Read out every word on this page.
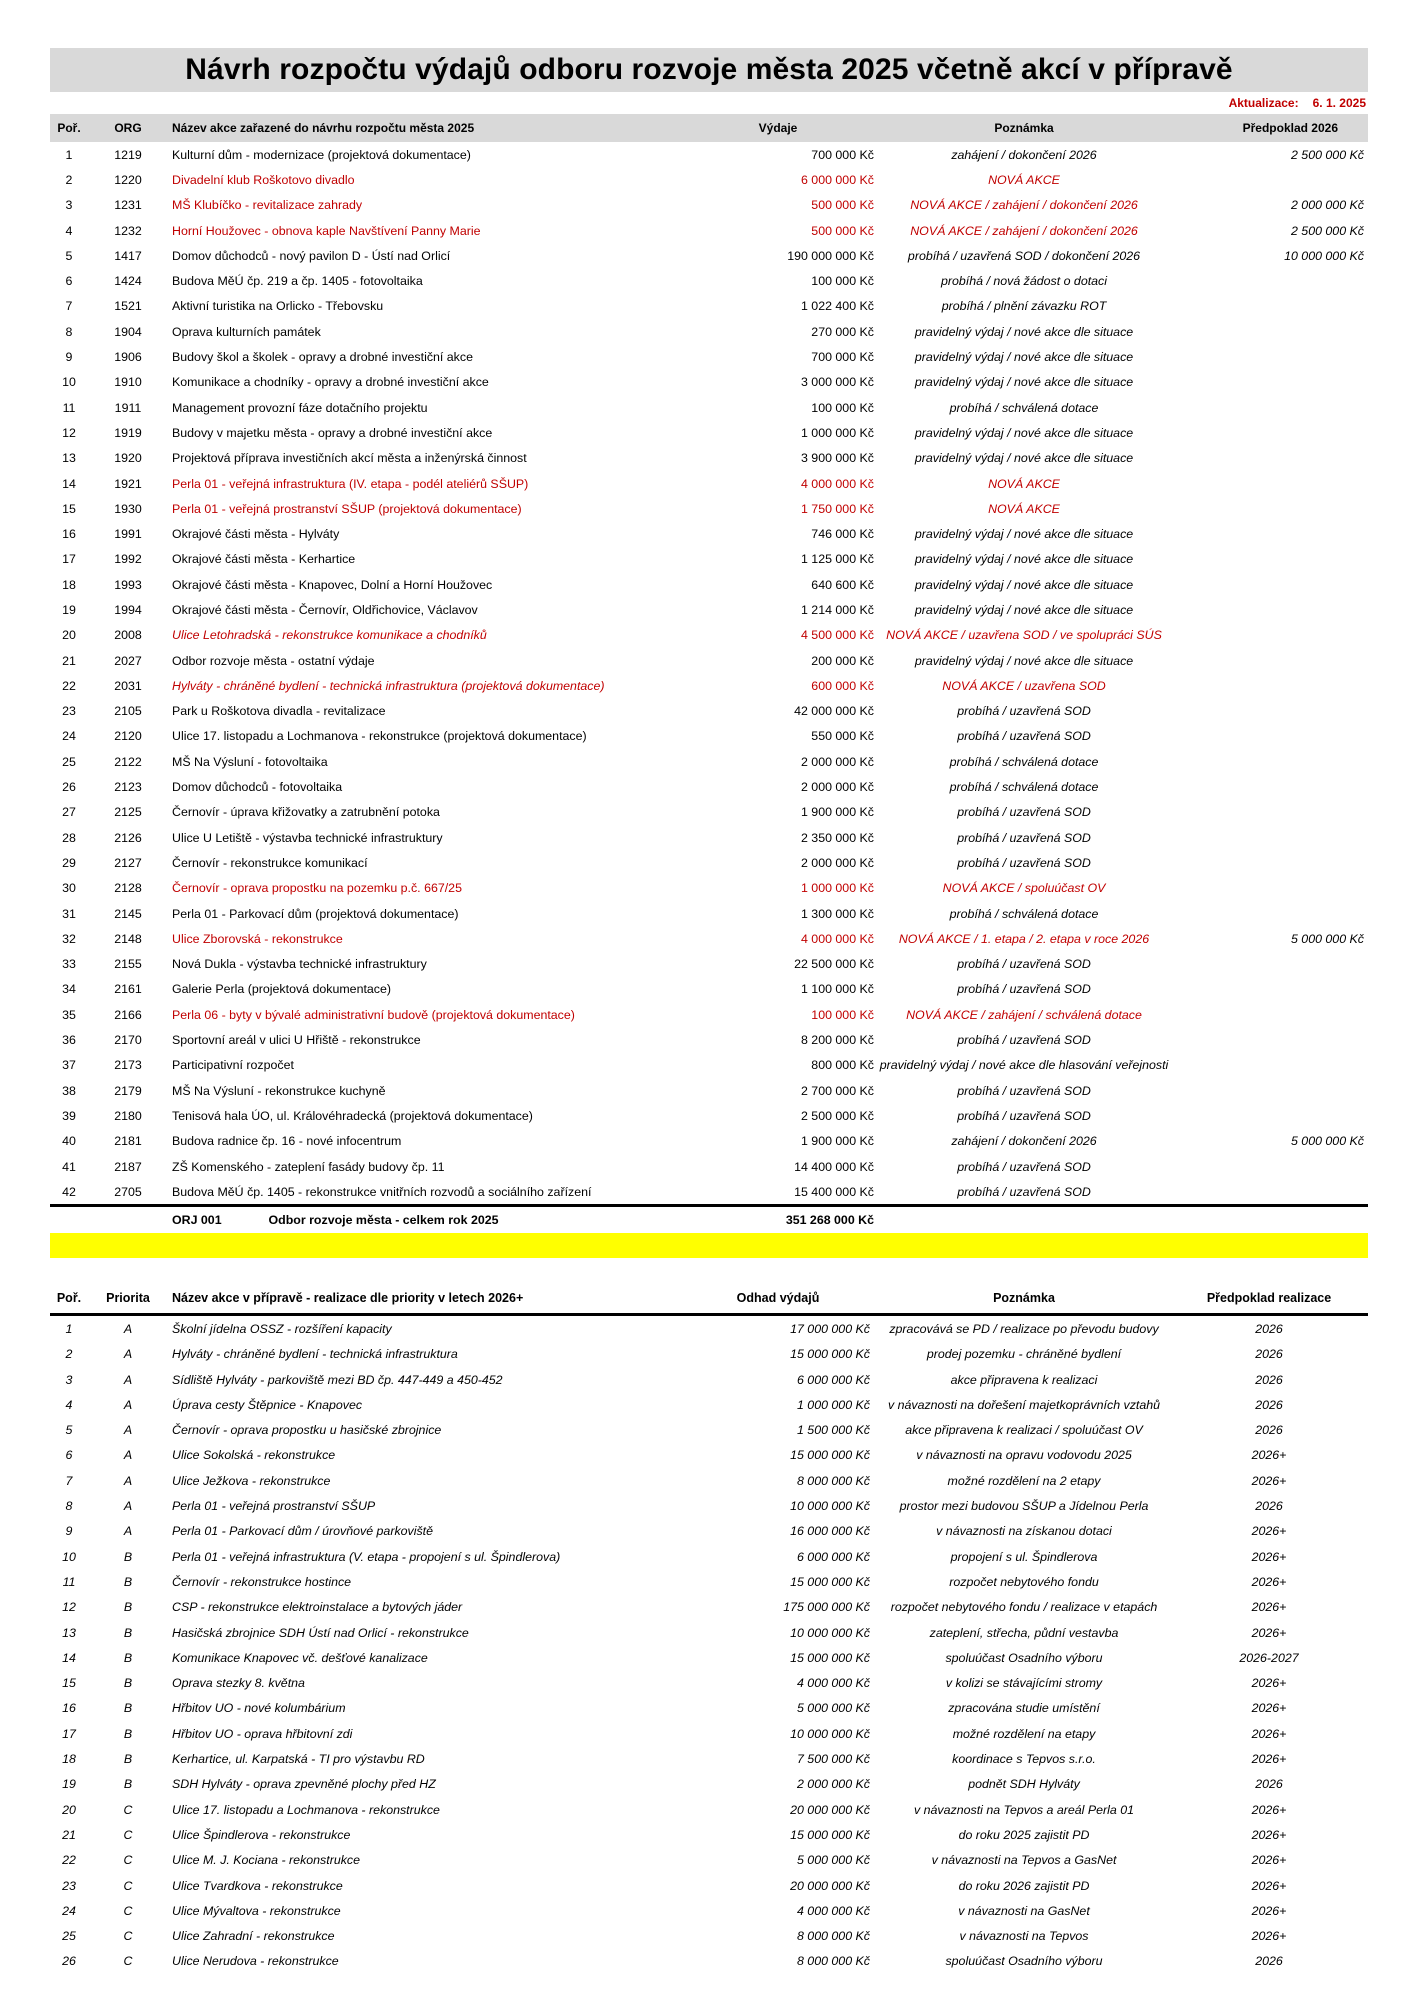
Návrh rozpočtu výdajů odboru rozvoje města 2025 včetně akcí v přípravě
Aktualizace: 6. 1. 2025
Poř.	ORG	Název akce zařazené do návrhu rozpočtu města 2025	Výdaje	Poznámka	Předpoklad 2026
1	1219	Kulturní dům - modernizace (projektová dokumentace)	700 000 Kč	zahájení / dokončení 2026	2 500 000 Kč
2	1220	Divadelní klub Roškotovo divadlo	6 000 000 Kč	NOVÁ AKCE	
3	1231	MŠ Klubíčko - revitalizace zahrady	500 000 Kč	NOVÁ AKCE / zahájení / dokončení 2026	2 000 000 Kč
4	1232	Horní Houžovec - obnova kaple Navštívení Panny Marie	500 000 Kč	NOVÁ AKCE / zahájení / dokončení 2026	2 500 000 Kč
5	1417	Domov důchodců - nový pavilon D - Ústí nad Orlicí	190 000 000 Kč	probíhá / uzavřená SOD / dokončení 2026	10 000 000 Kč
6	1424	Budova MěÚ čp. 219 a čp. 1405 - fotovoltaika	100 000 Kč	probíhá / nová žádost o dotaci	
7	1521	Aktivní turistika na Orlicko - Třebovsku	1 022 400 Kč	probíhá / plnění závazku ROT	
8	1904	Oprava kulturních památek	270 000 Kč	pravidelný výdaj / nové akce dle situace	
9	1906	Budovy škol a školek - opravy a drobné investiční akce	700 000 Kč	pravidelný výdaj / nové akce dle situace	
10	1910	Komunikace a chodníky - opravy a drobné investiční akce	3 000 000 Kč	pravidelný výdaj / nové akce dle situace	
11	1911	Management provozní fáze dotačního projektu	100 000 Kč	probíhá / schválená dotace	
12	1919	Budovy v majetku města - opravy a drobné investiční akce	1 000 000 Kč	pravidelný výdaj / nové akce dle situace	
13	1920	Projektová příprava investičních akcí města a inženýrská činnost	3 900 000 Kč	pravidelný výdaj / nové akce dle situace	
14	1921	Perla 01 - veřejná infrastruktura (IV. etapa - podél ateliérů SŠUP)	4 000 000 Kč	NOVÁ AKCE	
15	1930	Perla 01 - veřejná prostranství SŠUP (projektová dokumentace)	1 750 000 Kč	NOVÁ AKCE	
16	1991	Okrajové části města - Hylváty	746 000 Kč	pravidelný výdaj / nové akce dle situace	
17	1992	Okrajové části města - Kerhartice	1 125 000 Kč	pravidelný výdaj / nové akce dle situace	
18	1993	Okrajové části města - Knapovec, Dolní a Horní Houžovec	640 600 Kč	pravidelný výdaj / nové akce dle situace	
19	1994	Okrajové části města - Černovír, Oldřichovice, Václavov	1 214 000 Kč	pravidelný výdaj / nové akce dle situace	
20	2008	Ulice Letohradská - rekonstrukce komunikace a chodníků	4 500 000 Kč	NOVÁ AKCE / uzavřena SOD / ve spolupráci SÚS	
21	2027	Odbor rozvoje města - ostatní výdaje	200 000 Kč	pravidelný výdaj / nové akce dle situace	
22	2031	Hylváty - chráněné bydlení - technická infrastruktura (projektová dokumentace)	600 000 Kč	NOVÁ AKCE / uzavřena SOD	
23	2105	Park u Roškotova divadla - revitalizace	42 000 000 Kč	probíhá / uzavřená SOD	
24	2120	Ulice 17. listopadu a Lochmanova - rekonstrukce (projektová dokumentace)	550 000 Kč	probíhá / uzavřená SOD	
25	2122	MŠ Na Výsluní - fotovoltaika	2 000 000 Kč	probíhá / schválená dotace	
26	2123	Domov důchodců - fotovoltaika	2 000 000 Kč	probíhá / schválená dotace	
27	2125	Černovír - úprava křižovatky a zatrubnění potoka	1 900 000 Kč	probíhá / uzavřená SOD	
28	2126	Ulice U Letiště - výstavba technické infrastruktury	2 350 000 Kč	probíhá / uzavřená SOD	
29	2127	Černovír - rekonstrukce komunikací	2 000 000 Kč	probíhá / uzavřená SOD	
30	2128	Černovír - oprava propostku na pozemku p.č. 667/25	1 000 000 Kč	NOVÁ AKCE / spoluúčast OV	
31	2145	Perla 01 - Parkovací dům (projektová dokumentace)	1 300 000 Kč	probíhá / schválená dotace	
32	2148	Ulice Zborovská - rekonstrukce	4 000 000 Kč	NOVÁ AKCE / 1. etapa / 2. etapa v roce 2026	5 000 000 Kč
33	2155	Nová Dukla - výstavba technické infrastruktury	22 500 000 Kč	probíhá / uzavřená SOD	
34	2161	Galerie Perla (projektová dokumentace)	1 100 000 Kč	probíhá / uzavřená SOD	
35	2166	Perla 06 - byty v bývalé administrativní budově (projektová dokumentace)	100 000 Kč	NOVÁ AKCE / zahájení / schválená dotace	
36	2170	Sportovní areál v ulici U Hřiště - rekonstrukce	8 200 000 Kč	probíhá / uzavřená SOD	
37	2173	Participativní rozpočet	800 000 Kč	pravidelný výdaj / nové akce dle hlasování veřejnosti	
38	2179	MŠ Na Výsluní - rekonstrukce kuchyně	2 700 000 Kč	probíhá / uzavřená SOD	
39	2180	Tenisová hala ÚO, ul. Královéhradecká (projektová dokumentace)	2 500 000 Kč	probíhá / uzavřená SOD	
40	2181	Budova radnice čp. 16 - nové infocentrum	1 900 000 Kč	zahájení / dokončení 2026	5 000 000 Kč
41	2187	ZŠ Komenského - zateplení fasády budovy čp. 11	14 400 000 Kč	probíhá / uzavřená SOD	
42	2705	Budova MěÚ čp. 1405 - rekonstrukce vnitřních rozvodů a sociálního zařízení	15 400 000 Kč	probíhá / uzavřená SOD	
		ORJ 001 Odbor rozvoje města - celkem rok 2025	351 268 000 Kč		

Poř.	Priorita	Název akce v přípravě - realizace dle priority v letech 2026+	Odhad výdajů	Poznámka	Předpoklad realizace
1	A	Školní jídelna OSSZ - rozšíření kapacity	17 000 000 Kč	zpracovává se PD / realizace po převodu budovy	2026
2	A	Hylváty - chráněné bydlení - technická infrastruktura	15 000 000 Kč	prodej pozemku - chráněné bydlení	2026
3	A	Sídliště Hylváty - parkoviště mezi BD čp. 447-449 a 450-452	6 000 000 Kč	akce připravena k realizaci	2026
4	A	Úprava cesty Štěpnice - Knapovec	1 000 000 Kč	v návaznosti na dořešení majetkoprávních vztahů	2026
5	A	Černovír - oprava propostku u hasičské zbrojnice	1 500 000 Kč	akce připravena k realizaci / spoluúčast OV	2026
6	A	Ulice Sokolská - rekonstrukce	15 000 000 Kč	v návaznosti na opravu vodovodu 2025	2026+
7	A	Ulice Ježkova - rekonstrukce	8 000 000 Kč	možné rozdělení na 2 etapy	2026+
8	A	Perla 01 - veřejná prostranství SŠUP	10 000 000 Kč	prostor mezi budovou SŠUP a Jídelnou Perla	2026
9	A	Perla 01 - Parkovací dům / úrovňové parkoviště	16 000 000 Kč	v návaznosti na získanou dotaci	2026+
10	B	Perla 01 - veřejná infrastruktura (V. etapa - propojení s ul. Špindlerova)	6 000 000 Kč	propojení s ul. Špindlerova	2026+
11	B	Černovír - rekonstrukce hostince	15 000 000 Kč	rozpočet nebytového fondu	2026+
12	B	CSP - rekonstrukce elektroinstalace a bytových jáder	175 000 000 Kč	rozpočet nebytového fondu / realizace v etapách	2026+
13	B	Hasičská zbrojnice SDH Ústí nad Orlicí - rekonstrukce	10 000 000 Kč	zateplení, střecha, půdní vestavba	2026+
14	B	Komunikace Knapovec vč. dešťové kanalizace	15 000 000 Kč	spoluúčast Osadního výboru	2026-2027
15	B	Oprava stezky 8. května	4 000 000 Kč	v kolizi se stávajícími stromy	2026+
16	B	Hřbitov UO - nové kolumbárium	5 000 000 Kč	zpracována studie umístění	2026+
17	B	Hřbitov UO - oprava hřbitovní zdi	10 000 000 Kč	možné rozdělení na etapy	2026+
18	B	Kerhartice, ul. Karpatská - TI pro výstavbu RD	7 500 000 Kč	koordinace s Tepvos s.r.o.	2026+
19	B	SDH Hylváty - oprava zpevněné plochy před HZ	2 000 000 Kč	podnět SDH Hylváty	2026
20	C	Ulice 17. listopadu a Lochmanova - rekonstrukce	20 000 000 Kč	v návaznosti na Tepvos a areál Perla 01	2026+
21	C	Ulice Špindlerova - rekonstrukce	15 000 000 Kč	do roku 2025 zajistit PD	2026+
22	C	Ulice M. J. Kociana - rekonstrukce	5 000 000 Kč	v návaznosti na Tepvos a GasNet	2026+
23	C	Ulice Tvardkova - rekonstrukce	20 000 000 Kč	do roku 2026 zajistit PD	2026+
24	C	Ulice Mývaltova - rekonstrukce	4 000 000 Kč	v návaznosti na GasNet	2026+
25	C	Ulice Zahradní - rekonstrukce	8 000 000 Kč	v návaznosti na Tepvos	2026+
26	C	Ulice Nerudova - rekonstrukce	8 000 000 Kč	spoluúčast Osadního výboru	2026
